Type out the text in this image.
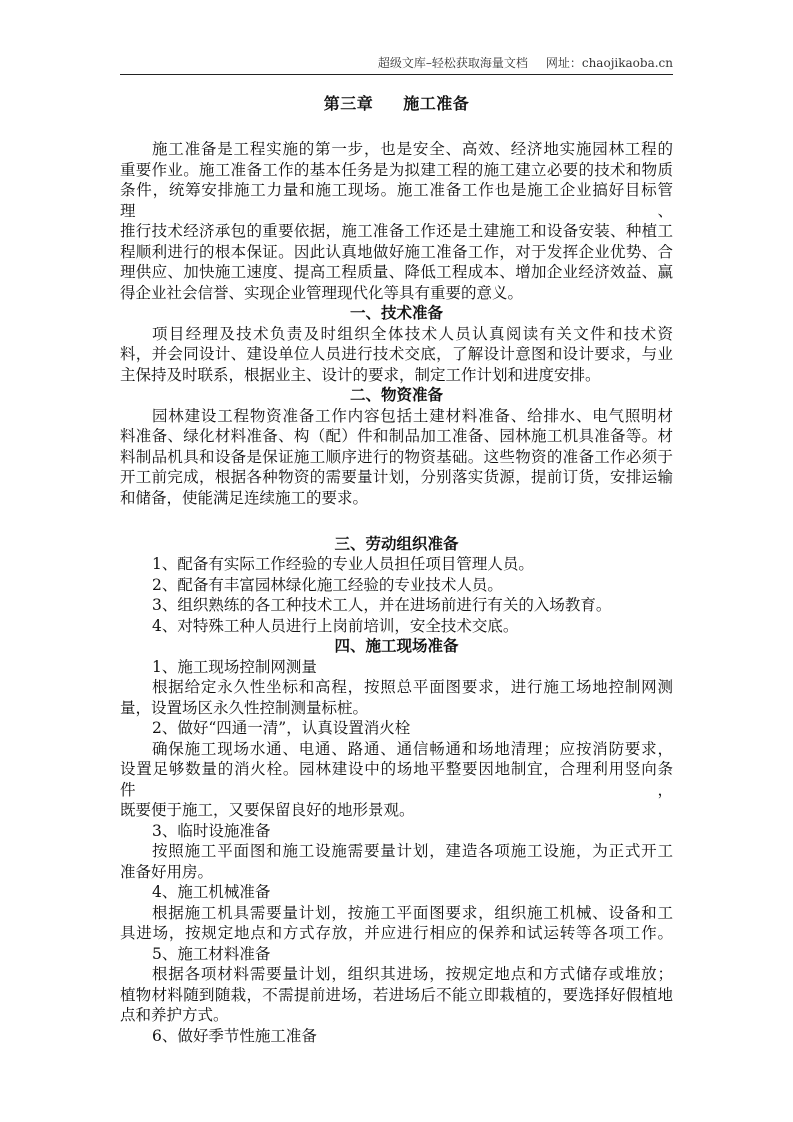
超级文库–轻松获取海量文档 网址：chaojikaoba.cn
第三章 施工准备
施工准备是工程实施的第一步，也是安全、高效、经济地实施园林工程的
重要作业。施工准备工作的基本任务是为拟建工程的施工建立必要的技术和物质
条件，统筹安排施工力量和施工现场。施工准备工作也是施工企业搞好目标管理、
推行技术经济承包的重要依据，施工准备工作还是土建施工和设备安装、种植工
程顺利进行的根本保证。因此认真地做好施工准备工作，对于发挥企业优势、合
理供应、加快施工速度、提高工程质量、降低工程成本、增加企业经济效益、赢
得企业社会信誉、实现企业管理现代化等具有重要的意义。
一、技术准备
项目经理及技术负责及时组织全体技术人员认真阅读有关文件和技术资
料，并会同设计、建设单位人员进行技术交底，了解设计意图和设计要求，与业
主保持及时联系，根据业主、设计的要求，制定工作计划和进度安排。
二、物资准备
园林建设工程物资准备工作内容包括土建材料准备、给排水、电气照明材
料准备、绿化材料准备、构（配）件和制品加工准备、园林施工机具准备等。材
料制品机具和设备是保证施工顺序进行的物资基础。这些物资的准备工作必须于
开工前完成，根据各种物资的需要量计划，分别落实货源，提前订货，安排运输
和储备，使能满足连续施工的要求。
三、劳动组织准备
1、配备有实际工作经验的专业人员担任项目管理人员。
2、配备有丰富园林绿化施工经验的专业技术人员。
3、组织熟练的各工种技术工人，并在进场前进行有关的入场教育。
4、对特殊工种人员进行上岗前培训，安全技术交底。
四、施工现场准备
1、施工现场控制网测量
根据给定永久性坐标和高程，按照总平面图要求，进行施工场地控制网测
量，设置场区永久性控制测量标桩。
2、做好“四通一清”，认真设置消火栓
确保施工现场水通、电通、路通、通信畅通和场地清理；应按消防要求，
设置足够数量的消火栓。园林建设中的场地平整要因地制宜，合理利用竖向条件，
既要便于施工，又要保留良好的地形景观。
3、临时设施准备
按照施工平面图和施工设施需要量计划，建造各项施工设施，为正式开工
准备好用房。
4、施工机械准备
根据施工机具需要量计划，按施工平面图要求，组织施工机械、设备和工
具进场，按规定地点和方式存放，并应进行相应的保养和试运转等各项工作。
5、施工材料准备
根据各项材料需要量计划，组织其进场，按规定地点和方式储存或堆放；
植物材料随到随栽，不需提前进场，若进场后不能立即栽植的，要选择好假植地
点和养护方式。
6、做好季节性施工准备
